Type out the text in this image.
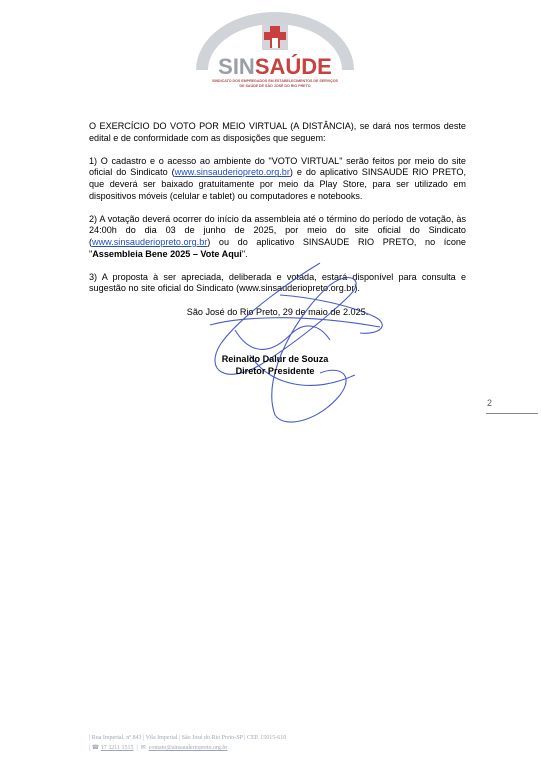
SINSAÚDE
SINDICATO DOS EMPREGADOS EM ESTABELECIMENTOS DE SERVIÇOS
DE SAÚDE DE SÃO JOSÉ DO RIO PRETO

O EXERCÍCIO DO VOTO POR MEIO VIRTUAL (A DISTÂNCIA), se dará nos termos deste edital e de conformidade com as disposições que seguem:

1) O cadastro e o acesso ao ambiente do "VOTO VIRTUAL" serão feitos por meio do site oficial do Sindicato (www.sinsauderiopreto.org.br) e do aplicativo SINSAUDE RIO PRETO, que deverá ser baixado gratuitamente por meio da Play Store, para ser utilizado em dispositivos móveis (celular e tablet) ou computadores e notebooks.

2) A votação deverá ocorrer do início da assembleia até o término do período de votação, às 24:00h do dia 03 de junho de 2025, por meio do site oficial do Sindicato (www.sinsauderiopreto.org.br) ou do aplicativo SINSAUDE RIO PRETO, no ícone "Assembleia Bene 2025 – Vote Aqui".

3) A proposta à ser apreciada, deliberada e votada, estará disponível para consulta e sugestão no site oficial do Sindicato (www.sinsauderiopreto.org.br).

São José do Rio Preto, 29 de maio de 2.025.

Reinaldo Dalur de Souza
Diretor Presidente
2
| Rua Imperial, nº 843 | Vila Imperial | São José do Rio Preto-SP | CEP. 15015-610
| ☎ 17 3211 1515  |  ✉ contato@sinsauderiopreto.org.br
